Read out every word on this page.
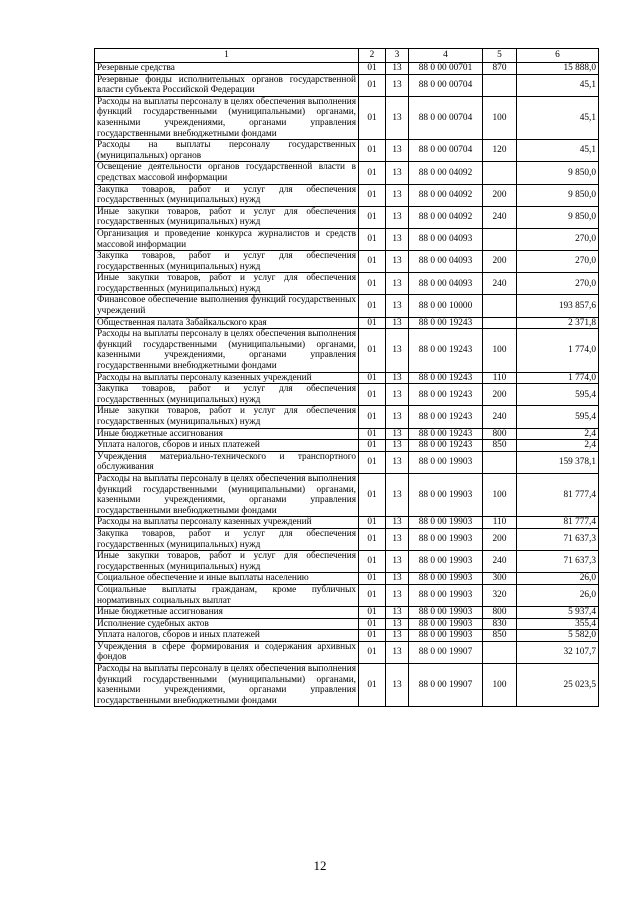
1	2	3	4	5	6
Резервные средства	01	13	88 0 00 00701	870	15 888,0
Резервные фонды исполнительных органов государственной власти субъекта Российской Федерации	01	13	88 0 00 00704		45,1
Расходы на выплаты персоналу в целях обеспечения выполнения функций государственными (муниципальными) органами, казенными учреждениями, органами управления государственными внебюджетными фондами	01	13	88 0 00 00704	100	45,1
Расходы на выплаты персоналу государственных (муниципальных) органов	01	13	88 0 00 00704	120	45,1
Освещение деятельности органов государственной власти в средствах массовой информации	01	13	88 0 00 04092		9 850,0
Закупка товаров, работ и услуг для обеспечения государственных (муниципальных) нужд	01	13	88 0 00 04092	200	9 850,0
Иные закупки товаров, работ и услуг для обеспечения государственных (муниципальных) нужд	01	13	88 0 00 04092	240	9 850,0
Организация и проведение конкурса журналистов и средств массовой информации	01	13	88 0 00 04093		270,0
Закупка товаров, работ и услуг для обеспечения государственных (муниципальных) нужд	01	13	88 0 00 04093	200	270,0
Иные закупки товаров, работ и услуг для обеспечения государственных (муниципальных) нужд	01	13	88 0 00 04093	240	270,0
Финансовое обеспечение выполнения функций государственных учреждений	01	13	88 0 00 10000		193 857,6
Общественная палата Забайкальского края	01	13	88 0 00 19243		2 371,8
Расходы на выплаты персоналу в целях обеспечения выполнения функций государственными (муниципальными) органами, казенными учреждениями, органами управления государственными внебюджетными фондами	01	13	88 0 00 19243	100	1 774,0
Расходы на выплаты персоналу казенных учреждений	01	13	88 0 00 19243	110	1 774,0
Закупка товаров, работ и услуг для обеспечения государственных (муниципальных) нужд	01	13	88 0 00 19243	200	595,4
Иные закупки товаров, работ и услуг для обеспечения государственных (муниципальных) нужд	01	13	88 0 00 19243	240	595,4
Иные бюджетные ассигнования	01	13	88 0 00 19243	800	2,4
Уплата налогов, сборов и иных платежей	01	13	88 0 00 19243	850	2,4
Учреждения материально-технического и транспортного обслуживания	01	13	88 0 00 19903		159 378,1
Расходы на выплаты персоналу в целях обеспечения выполнения функций государственными (муниципальными) органами, казенными учреждениями, органами управления государственными внебюджетными фондами	01	13	88 0 00 19903	100	81 777,4
Расходы на выплаты персоналу казенных учреждений	01	13	88 0 00 19903	110	81 777,4
Закупка товаров, работ и услуг для обеспечения государственных (муниципальных) нужд	01	13	88 0 00 19903	200	71 637,3
Иные закупки товаров, работ и услуг для обеспечения государственных (муниципальных) нужд	01	13	88 0 00 19903	240	71 637,3
Социальное обеспечение и иные выплаты населению	01	13	88 0 00 19903	300	26,0
Социальные выплаты гражданам, кроме публичных нормативных социальных выплат	01	13	88 0 00 19903	320	26,0
Иные бюджетные ассигнования	01	13	88 0 00 19903	800	5 937,4
Исполнение судебных актов	01	13	88 0 00 19903	830	355,4
Уплата налогов, сборов и иных платежей	01	13	88 0 00 19903	850	5 582,0
Учреждения в сфере формирования и содержания архивных фондов	01	13	88 0 00 19907		32 107,7
Расходы на выплаты персоналу в целях обеспечения выполнения функций государственными (муниципальными) органами, казенными учреждениями, органами управления государственными внебюджетными фондами	01	13	88 0 00 19907	100	25 023,5
12
